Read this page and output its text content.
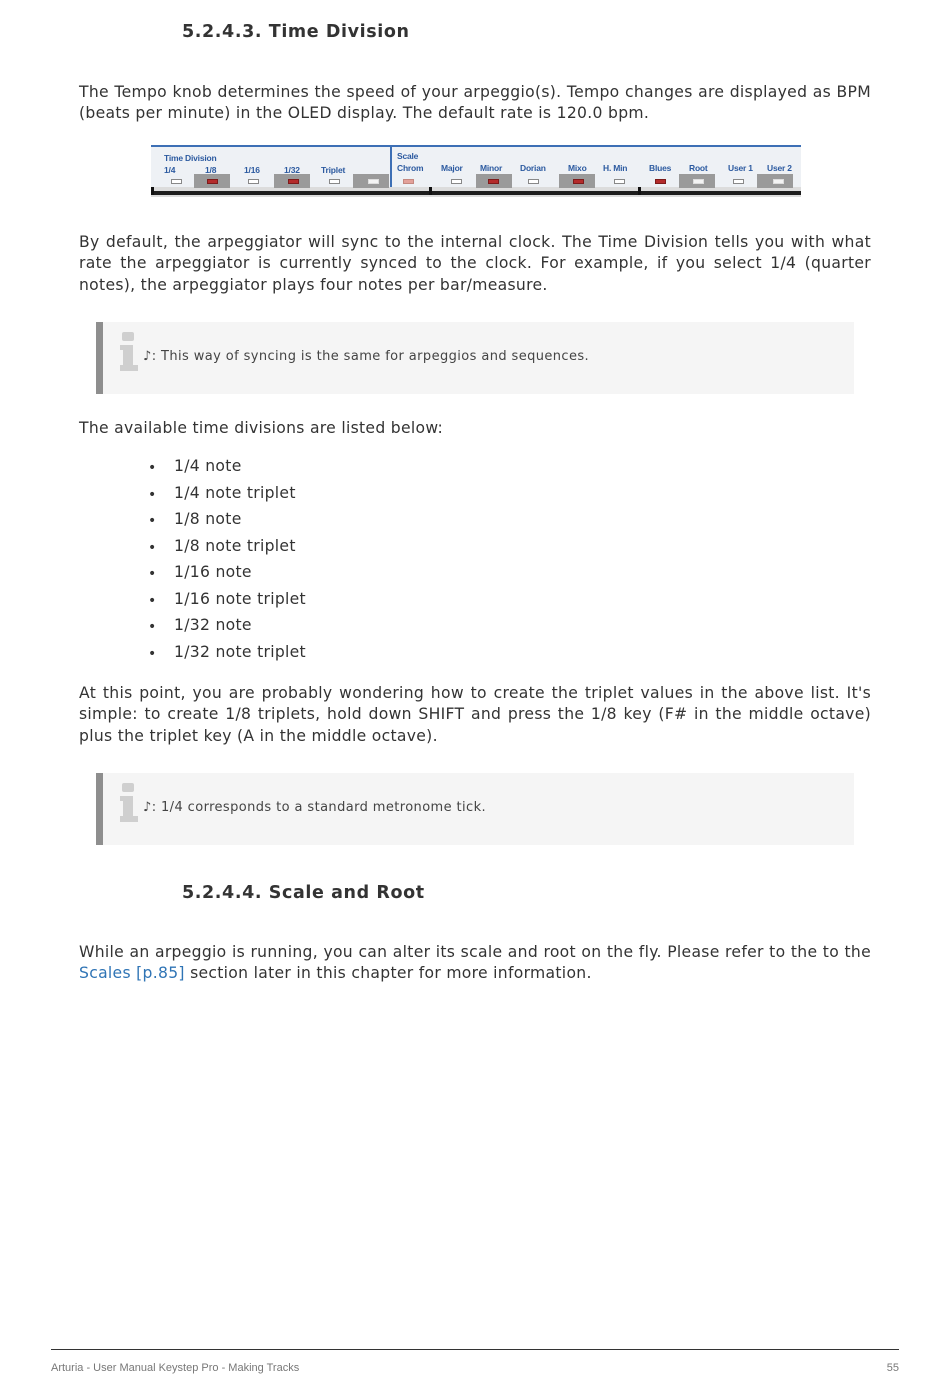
5.2.4.3. Time Division
The Tempo knob determines the speed of your arpeggio(s). Tempo changes are displayed as BPM (beats per minute) in the OLED display. The default rate is 120.0 bpm.
Time Division	Scale
1/4	1/8	1/16	1/32	Triplet	Chrom Major Minor Dorian	Mixo H. Min	Blues Root User 1 User 2
By default, the arpeggiator will sync to the internal clock. The Time Division tells you with what rate the arpeggiator is currently synced to the clock. For example, if you select 1/4 (quarter notes), the arpeggiator plays four notes per bar/measure.
♪: This way of syncing is the same for arpeggios and sequences.
The available time divisions are listed below:
• 1/4 note
• 1/4 note triplet
• 1/8 note
• 1/8 note triplet
• 1/16 note
• 1/16 note triplet
• 1/32 note
• 1/32 note triplet
At this point, you are probably wondering how to create the triplet values in the above list. It's simple: to create 1/8 triplets, hold down SHIFT and press the 1/8 key (F# in the middle octave) plus the triplet key (A in the middle octave).
♪: 1/4 corresponds to a standard metronome tick.
5.2.4.4. Scale and Root
While an arpeggio is running, you can alter its scale and root on the fly. Please refer to the to the Scales [p.85] section later in this chapter for more information.
Arturia - User Manual Keystep Pro - Making Tracks	55
